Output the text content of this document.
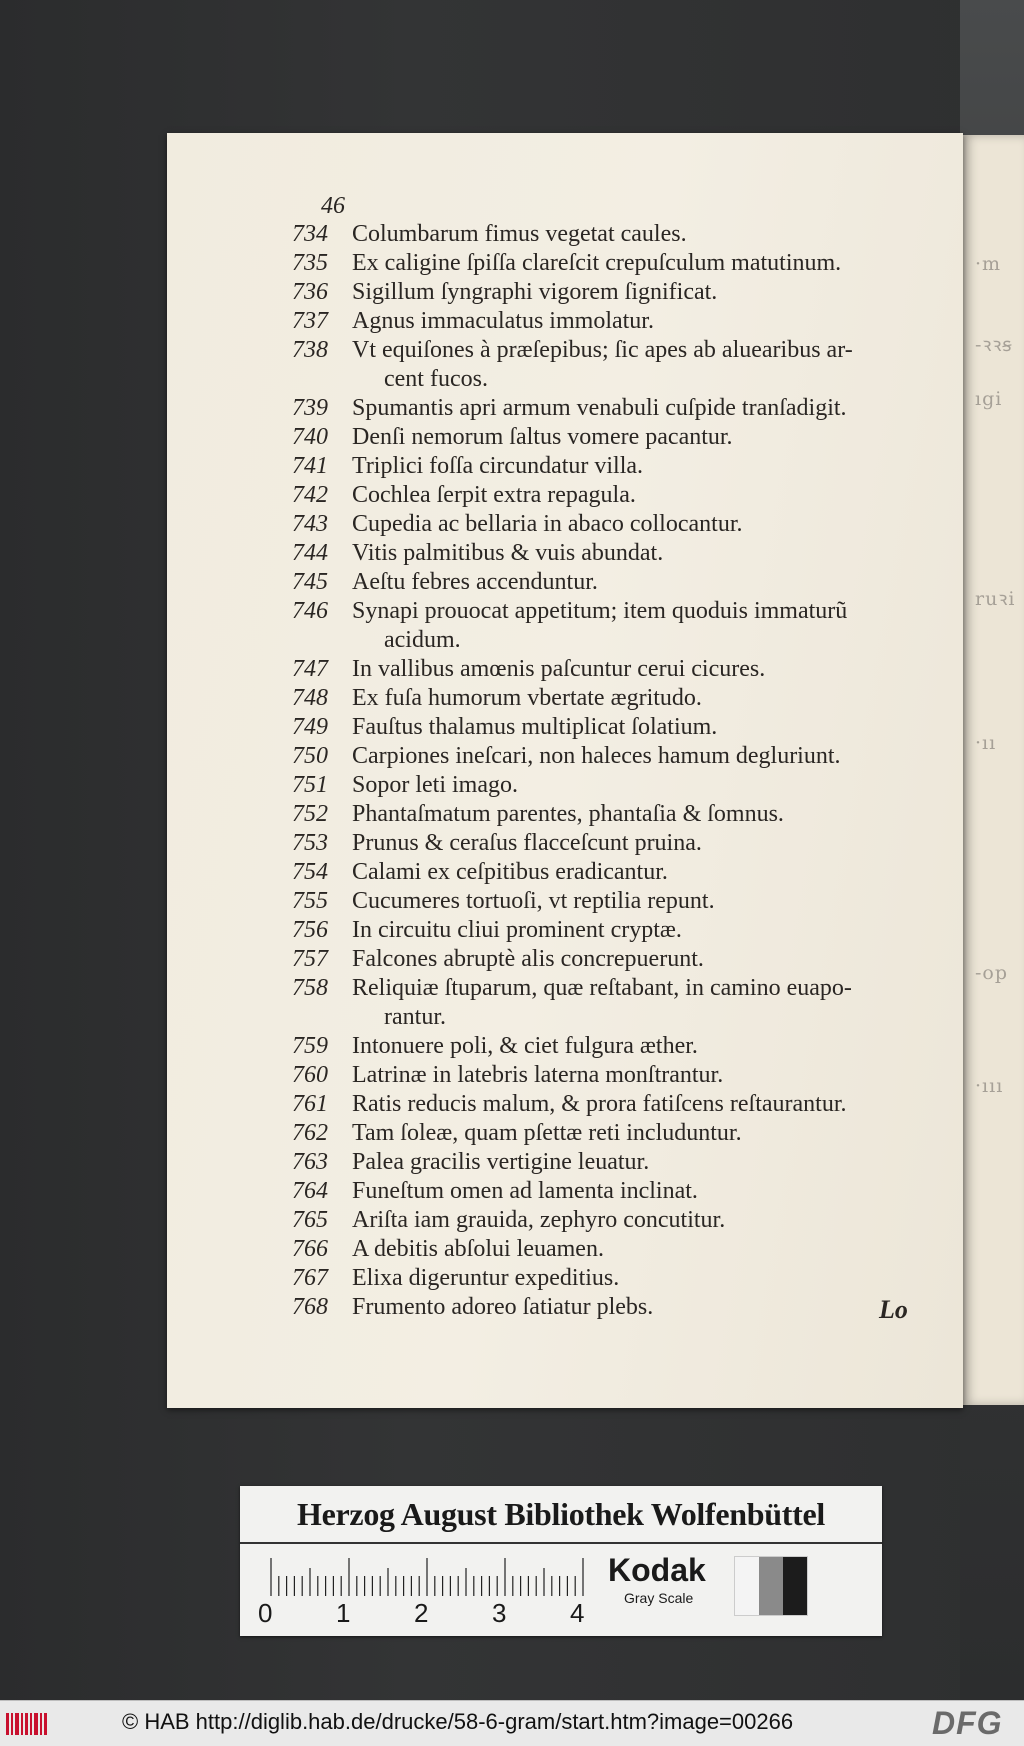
·m
-ꝛꝛꞩ
ıgi
ruꝛi
·ıı
-op
·ııı

46

734	Columbarum fimus vegetat caules.
735	Ex caligine ſpiſſa clareſcit crepuſculum matutinum.
736	Sigillum ſyngraphi vigorem ſignificat.
737	Agnus immaculatus immolatur.
738	Vt equiſones à præſepibus; ſic apes ab aluearibus ar-
cent fucos.
739	Spumantis apri armum venabuli cuſpide tranſadigit.
740	Denſi nemorum ſaltus vomere pacantur.
741	Triplici foſſa circundatur villa.
742	Cochlea ſerpit extra repagula.
743	Cupedia ac bellaria in abaco collocantur.
744	Vitis palmitibus & vuis abundat.
745	Aeſtu febres accenduntur.
746	Synapi prouocat appetitum; item quoduis immaturũ
acidum.
747	In vallibus amœnis paſcuntur cerui cicures.
748	Ex fuſa humorum vbertate ægritudo.
749	Fauſtus thalamus multiplicat ſolatium.
750	Carpiones ineſcari, non haleces hamum degluriunt.
751	Sopor leti imago.
752	Phantaſmatum parentes, phantaſia & ſomnus.
753	Prunus & ceraſus flacceſcunt pruina.
754	Calami ex ceſpitibus eradicantur.
755	Cucumeres tortuoſi, vt reptilia repunt.
756	In circuitu cliui prominent cryptæ.
757	Falcones abruptè alis concrepuerunt.
758	Reliquiæ ſtuparum, quæ reſtabant, in camino euapo-
rantur.
759	Intonuere poli, & ciet fulgura æther.
760	Latrinæ in latebris laterna monſtrantur.
761	Ratis reducis malum, & prora fatiſcens reſtaurantur.
762	Tam ſoleæ, quam pſettæ reti includuntur.
763	Palea gracilis vertigine leuatur.
764	Funeſtum omen ad lamenta inclinat.
765	Ariſta iam grauida, zephyro concutitur.
766	A debitis abſolui leuamen.
767	Elixa digeruntur expeditius.
768	Frumento adoreo ſatiatur plebs.	Lo
Herzog August Bibliothek Wolfenbüttel
0 1 2 3 4
Kodak
Gray Scale

© HAB http://diglib.hab.de/drucke/58-6-gram/start.htm?image=00266	DFG
